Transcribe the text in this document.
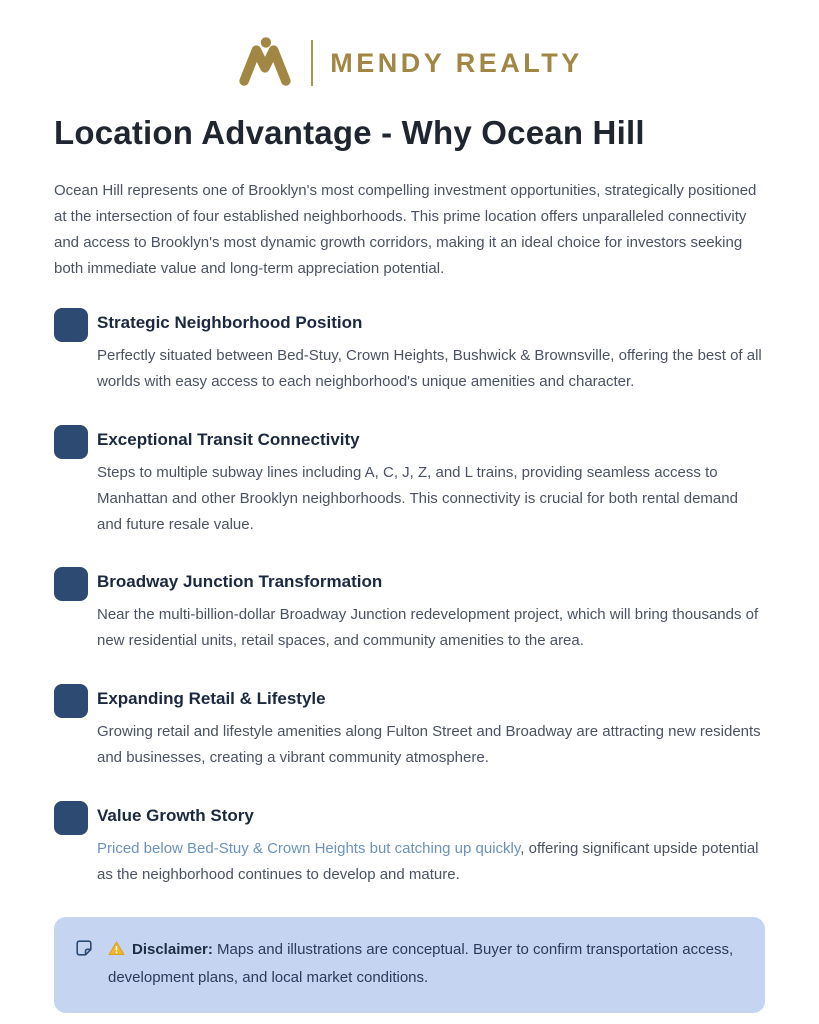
MENDY REALTY
Location Advantage - Why Ocean Hill

Ocean Hill represents one of Brooklyn's most compelling investment opportunities, strategically positioned at the intersection of four established neighborhoods. This prime location offers unparalleled connectivity and access to Brooklyn's most dynamic growth corridors, making it an ideal choice for investors seeking both immediate value and long-term appreciation potential.

Strategic Neighborhood Position

Perfectly situated between Bed-Stuy, Crown Heights, Bushwick & Brownsville, offering the best of all worlds with easy access to each neighborhood's unique amenities and character.

Exceptional Transit Connectivity

Steps to multiple subway lines including A, C, J, Z, and L trains, providing seamless access to Manhattan and other Brooklyn neighborhoods. This connectivity is crucial for both rental demand and future resale value.

Broadway Junction Transformation

Near the multi-billion-dollar Broadway Junction redevelopment project, which will bring thousands of new residential units, retail spaces, and community amenities to the area.

Expanding Retail & Lifestyle

Growing retail and lifestyle amenities along Fulton Street and Broadway are attracting new residents and businesses, creating a vibrant community atmosphere.

Value Growth Story

Priced below Bed-Stuy & Crown Heights but catching up quickly, offering significant upside potential as the neighborhood continues to develop and mature.

Disclaimer: Maps and illustrations are conceptual. Buyer to confirm transportation access, development plans, and local market conditions.
